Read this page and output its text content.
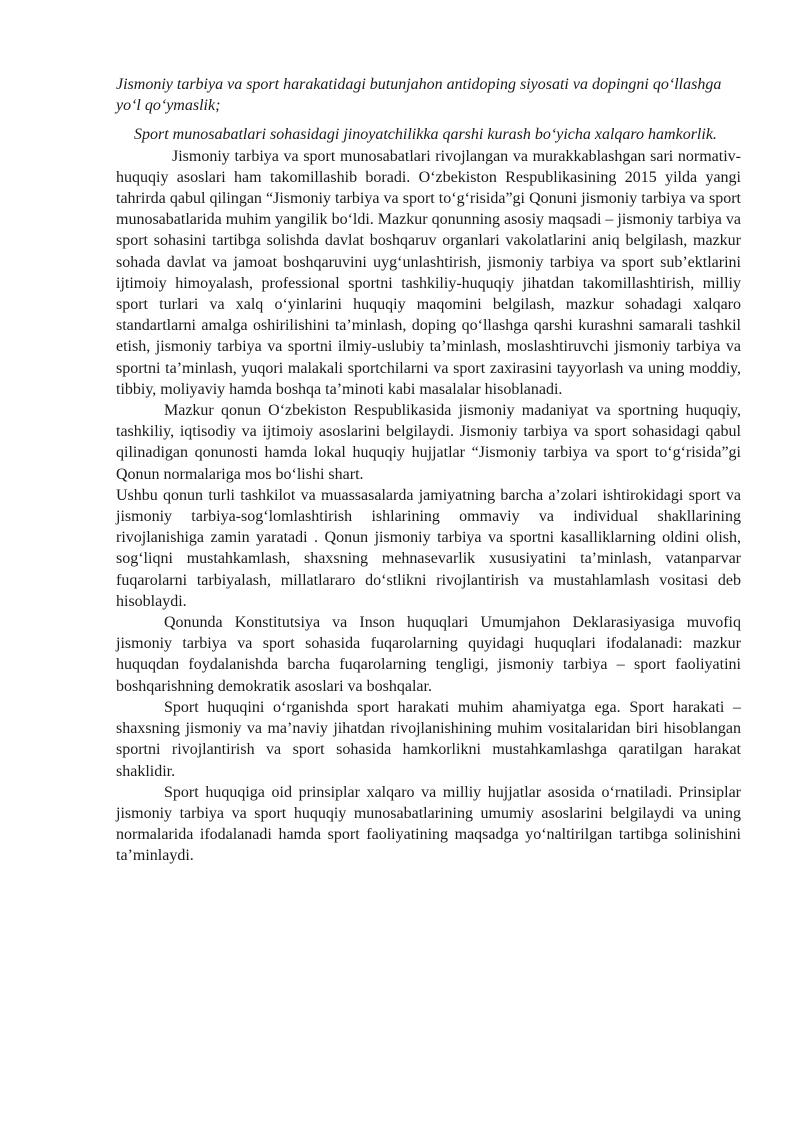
Jismoniy tarbiya va sport harakatidagi butunjahon antidoping siyosati va dopingni qo‘llashga yo‘l qo‘ymaslik;

Sport munosabatlari sohasidagi jinoyatchilikka qarshi kurash bo‘yicha xalqaro hamkorlik.

Jismoniy tarbiya va sport munosabatlari rivojlangan va murakkablashgan sari normativ-huquqiy asoslari ham takomillashib boradi. O‘zbekiston Respublikasining 2015 yilda yangi tahrirda qabul qilingan “Jismoniy tarbiya va sport to‘g‘risida”gi Qonuni jismoniy tarbiya va sport munosabatlarida muhim yangilik bo‘ldi. Mazkur qonunning asosiy maqsadi – jismoniy tarbiya va sport sohasini tartibga solishda davlat boshqaruv organlari vakolatlarini aniq belgilash, mazkur sohada davlat va jamoat boshqaruvini uyg‘unlashtirish, jismoniy tarbiya va sport sub’ektlarini ijtimoiy himoyalash, professional sportni tashkiliy-huquqiy jihatdan takomillashtirish, milliy sport turlari va xalq o‘yinlarini huquqiy maqomini belgilash, mazkur sohadagi xalqaro standartlarni amalga oshirilishini ta’minlash, doping qo‘llashga qarshi kurashni samarali tashkil etish, jismoniy tarbiya va sportni ilmiy-uslubiy ta’minlash, moslashtiruvchi jismoniy tarbiya va sportni ta’minlash, yuqori malakali sportchilarni va sport zaxirasini tayyorlash va uning moddiy, tibbiy, moliyaviy hamda boshqa ta’minoti kabi masalalar hisoblanadi.

Mazkur qonun O‘zbekiston Respublikasida jismoniy madaniyat va sportning huquqiy, tashkiliy, iqtisodiy va ijtimoiy asoslarini belgilaydi. Jismoniy tarbiya va sport sohasidagi qabul qilinadigan qonunosti hamda lokal huquqiy hujjatlar “Jismoniy tarbiya va sport to‘g‘risida”gi Qonun normalariga mos bo‘lishi shart.

Ushbu qonun turli tashkilot va muassasalarda jamiyatning barcha a’zolari ishtirokidagi sport va jismoniy tarbiya-sog‘lomlashtirish ishlarining ommaviy va individual shakllarining rivojlanishiga zamin yaratadi . Qonun jismoniy tarbiya va sportni kasalliklarning oldini olish, sog‘liqni mustahkamlash, shaxsning mehnasevarlik xususiyatini ta’minlash, vatanparvar fuqarolarni tarbiyalash, millatlararo do‘stlikni rivojlantirish va mustahlamlash vositasi deb hisoblaydi.

Qonunda Konstitutsiya va Inson huquqlari Umumjahon Deklarasiyasiga muvofiq jismoniy tarbiya va sport sohasida fuqarolarning quyidagi huquqlari ifodalanadi: mazkur huquqdan foydalanishda barcha fuqarolarning tengligi, jismoniy tarbiya – sport faoliyatini boshqarishning demokratik asoslari va boshqalar.

Sport huquqini o‘rganishda sport harakati muhim ahamiyatga ega. Sport harakati – shaxsning jismoniy va ma’naviy jihatdan rivojlanishining muhim vositalaridan biri hisoblangan sportni rivojlantirish va sport sohasida hamkorlikni mustahkamlashga qaratilgan harakat shaklidir.

Sport huquqiga oid prinsiplar xalqaro va milliy hujjatlar asosida o‘rnatiladi. Prinsiplar jismoniy tarbiya va sport huquqiy munosabatlarining umumiy asoslarini belgilaydi va uning normalarida ifodalanadi hamda sport faoliyatining maqsadga yo‘naltirilgan tartibga solinishini ta’minlaydi.
